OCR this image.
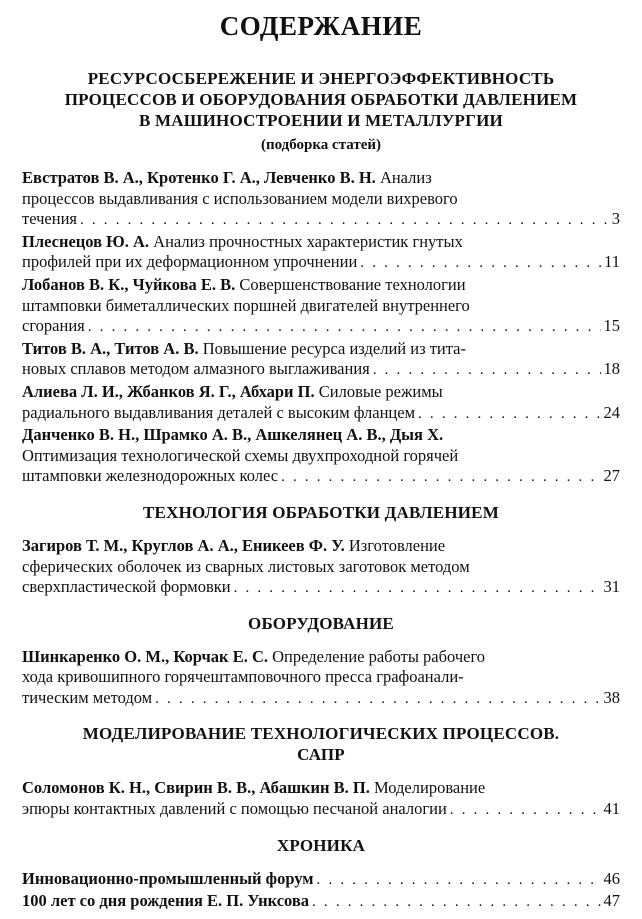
СОДЕРЖАНИЕ
РЕСУРСОСБЕРЕЖЕНИЕ И ЭНЕРГОЭФФЕКТИВНОСТЬ
ПРОЦЕССОВ И ОБОРУДОВАНИЯ ОБРАБОТКИ ДАВЛЕНИЕМ
В МАШИНОСТРОЕНИИ И МЕТАЛЛУРГИИ
(подборка статей)
Евстратов В. А., Кротенко Г. А., Левченко В. Н. Анализ
процессов выдавливания с использованием модели вихревого
течения . . .	3
Плеснецов Ю. А. Анализ прочностных характеристик гнутых
профилей при их деформационном упрочнении . . .	11
Лобанов В. К., Чуйкова Е. В. Совершенствование технологии
штамповки биметаллических поршней двигателей внутреннего
сгорания . . .	15
Титов В. А., Титов А. В. Повышение ресурса изделий из тита-
новых сплавов методом алмазного выглаживания . . .	18
Алиева Л. И., Жбанков Я. Г., Абхари П. Силовые режимы
радиального выдавливания деталей с высоким фланцем . . .	24
Данченко В. Н., Шрамко А. В., Ашкелянец А. В., Дыя Х.
Оптимизация технологической схемы двухпроходной горячей
штамповки железнодорожных колес . . .	27
ТЕХНОЛОГИЯ ОБРАБОТКИ ДАВЛЕНИЕМ
Загиров Т. М., Круглов А. А., Еникеев Ф. У. Изготовление
сферических оболочек из сварных листовых заготовок методом
сверхпластической формовки . . .	31
ОБОРУДОВАНИЕ
Шинкаренко О. М., Корчак Е. С. Определение работы рабочего
хода кривошипного горячештамповочного пресса графоанали-
тическим методом . . .	38
МОДЕЛИРОВАНИЕ ТЕХНОЛОГИЧЕСКИХ ПРОЦЕССОВ.
САПР
Соломонов К. Н., Свирин В. В., Абашкин В. П. Моделирование
эпюры контактных давлений с помощью песчаной аналогии . . .	41
ХРОНИКА
Инновационно-промышленный форум . . .	46
100 лет со дня рождения Е. П. Унксова . . .	47
